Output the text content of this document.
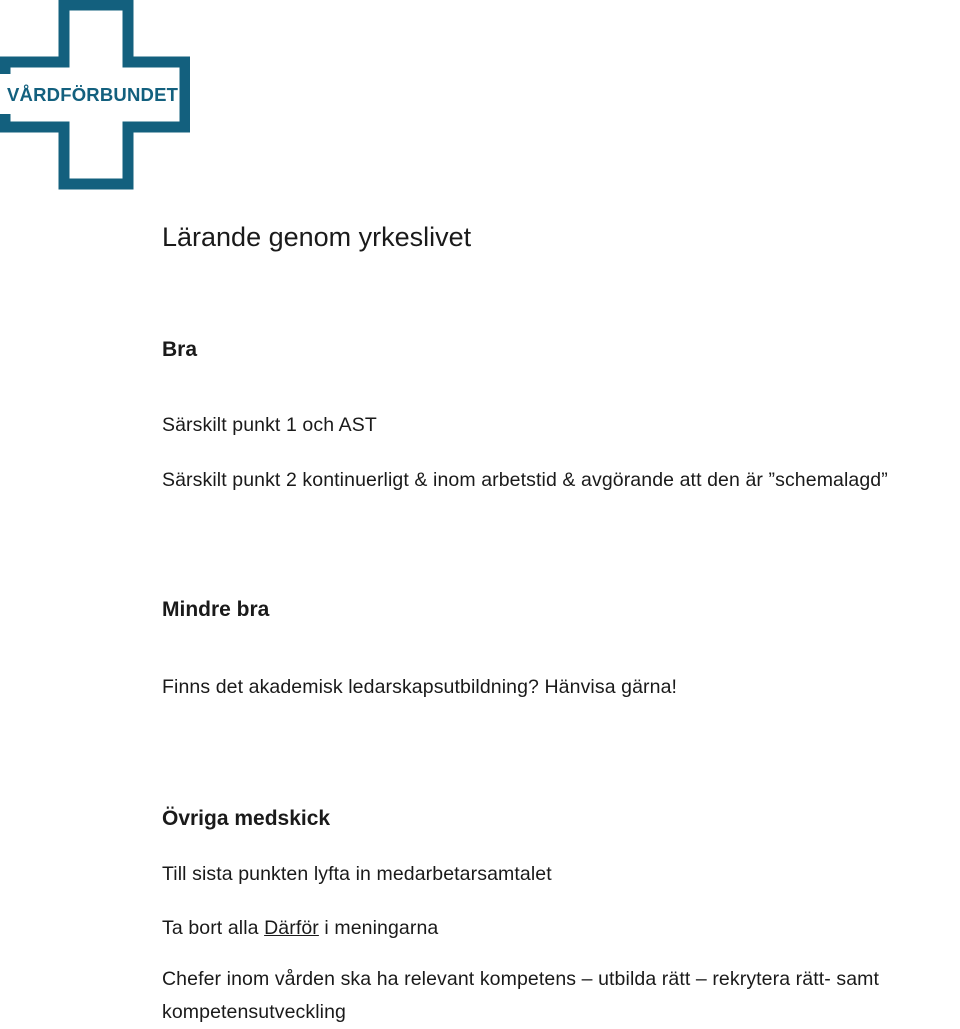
VÅRDFÖRBUNDET
Lärande genom yrkeslivet
Bra

Särskilt punkt 1 och AST

Särskilt punkt 2 kontinuerligt & inom arbetstid & avgörande att den är ”schemalagd”

Mindre bra

Finns det akademisk ledarskapsutbildning? Hänvisa gärna!

Övriga medskick

Till sista punkten lyfta in medarbetarsamtalet

Ta bort alla Därför i meningarna

Chefer inom vården ska ha relevant kompetens – utbilda rätt – rekrytera rätt- samt kompetensutveckling
